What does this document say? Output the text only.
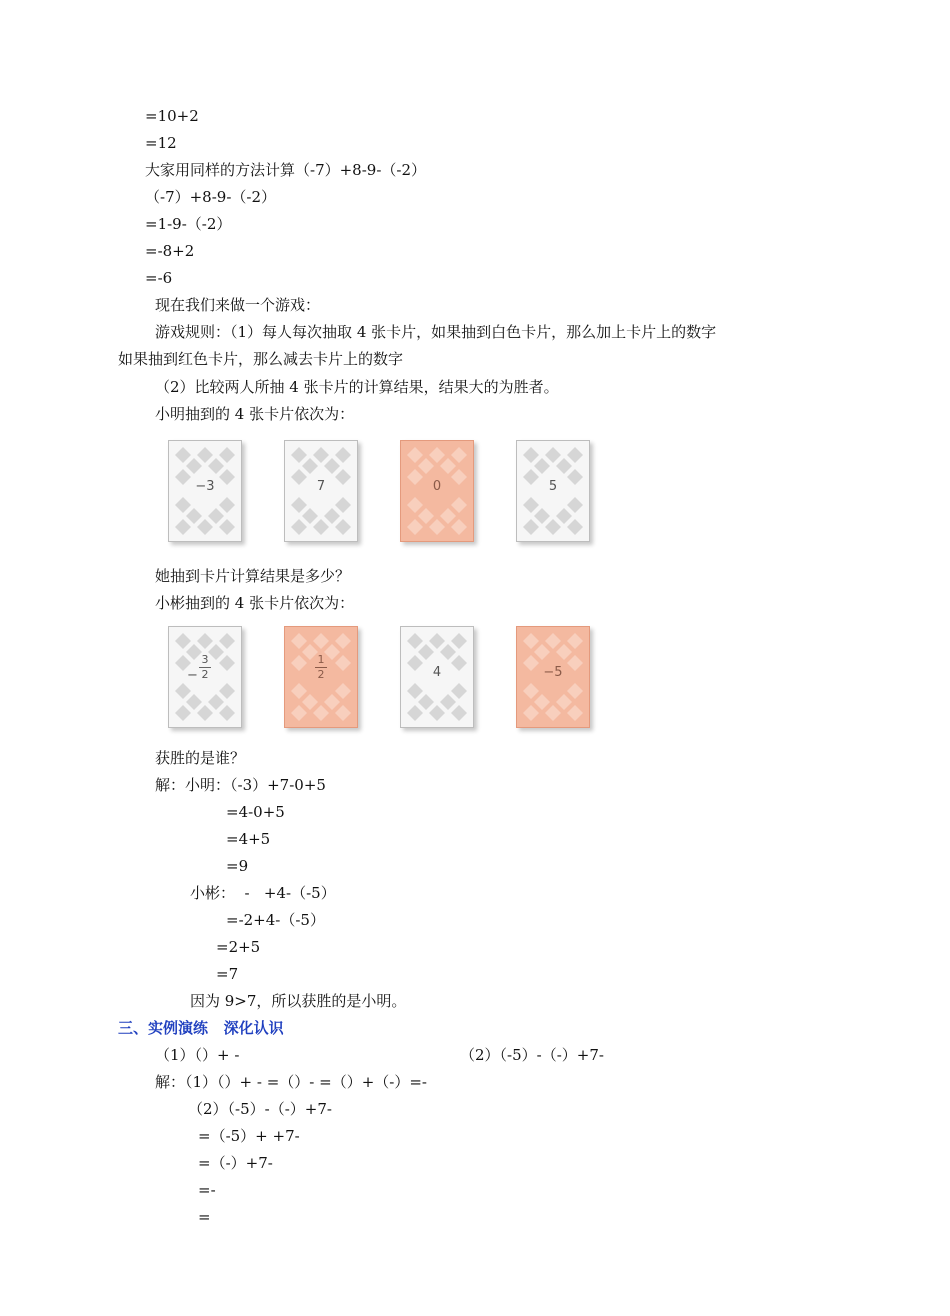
=10+2
=12
大家用同样的方法计算（-7）+8-9-（-2）
（-7）+8-9-（-2）
=1-9-（-2）
=-8+2
=-6
现在我们来做一个游戏：
游戏规则：（1）每人每次抽取 4 张卡片，如果抽到白色卡片，那么加上卡片上的数字
如果抽到红色卡片，那么减去卡片上的数字
（2）比较两人所抽 4 张卡片的计算结果，结果大的为胜者。
小明抽到的 4 张卡片依次为：
−3	7	0	5
她抽到卡片计算结果是多少？
小彬抽到的 4 张卡片依次为：
−
3
2	$\frac{1}{2}$	4	−5
获胜的是谁？
解：小明：（-3）+7-0+5
=4-0+5
=4+5
=9
小彬：  -   +4-（-5）
=-2+4-（-5）
=2+5
=7
因为 9>7，所以获胜的是小明。
三、实例演练   深化认识
（1）（）+ -	（2）（-5）-（-）+7-
解：（1）（）+ - =（）- =（）+（-）=-
（2）（-5）-（-）+7-
=（-5）+ +7-
=（-）+7-
=-
=
